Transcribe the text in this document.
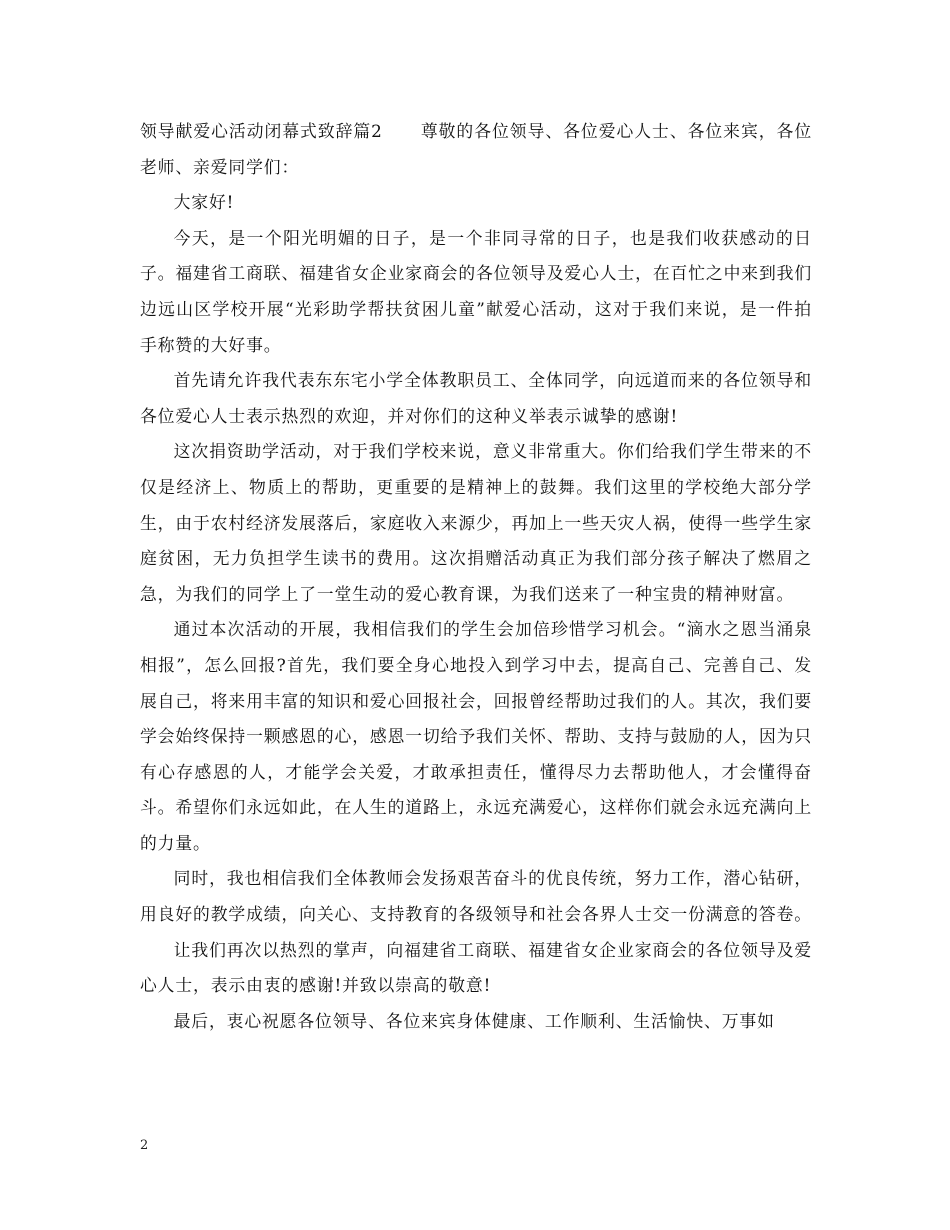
领导献爱心活动闭幕式致辞篇2 尊敬的各位领导、各位爱心人士、各位来宾，各位老师、亲爱同学们：

大家好!

今天，是一个阳光明媚的日子，是一个非同寻常的日子，也是我们收获感动的日子。福建省工商联、福建省女企业家商会的各位领导及爱心人士，在百忙之中来到我们边远山区学校开展“光彩助学帮扶贫困儿童”献爱心活动，这对于我们来说，是一件拍手称赞的大好事。

首先请允许我代表东东宅小学全体教职员工、全体同学，向远道而来的各位领导和各位爱心人士表示热烈的欢迎，并对你们的这种义举表示诚挚的感谢!

这次捐资助学活动，对于我们学校来说，意义非常重大。你们给我们学生带来的不仅是经济上、物质上的帮助，更重要的是精神上的鼓舞。我们这里的学校绝大部分学生，由于农村经济发展落后，家庭收入来源少，再加上一些天灾人祸，使得一些学生家庭贫困，无力负担学生读书的费用。这次捐赠活动真正为我们部分孩子解决了燃眉之急，为我们的同学上了一堂生动的爱心教育课，为我们送来了一种宝贵的精神财富。

通过本次活动的开展，我相信我们的学生会加倍珍惜学习机会。“滴水之恩当涌泉相报”，怎么回报?首先，我们要全身心地投入到学习中去，提高自己、完善自己、发展自己，将来用丰富的知识和爱心回报社会，回报曾经帮助过我们的人。其次，我们要学会始终保持一颗感恩的心，感恩一切给予我们关怀、帮助、支持与鼓励的人，因为只有心存感恩的人，才能学会关爱，才敢承担责任，懂得尽力去帮助他人，才会懂得奋斗。希望你们永远如此，在人生的道路上，永远充满爱心，这样你们就会永远充满向上的力量。

同时，我也相信我们全体教师会发扬艰苦奋斗的优良传统，努力工作，潜心钻研，用良好的教学成绩，向关心、支持教育的各级领导和社会各界人士交一份满意的答卷。

让我们再次以热烈的掌声，向福建省工商联、福建省女企业家商会的各位领导及爱心人士，表示由衷的感谢!并致以崇高的敬意!

最后，衷心祝愿各位领导、各位来宾身体健康、工作顺利、生活愉快、万事如

2
